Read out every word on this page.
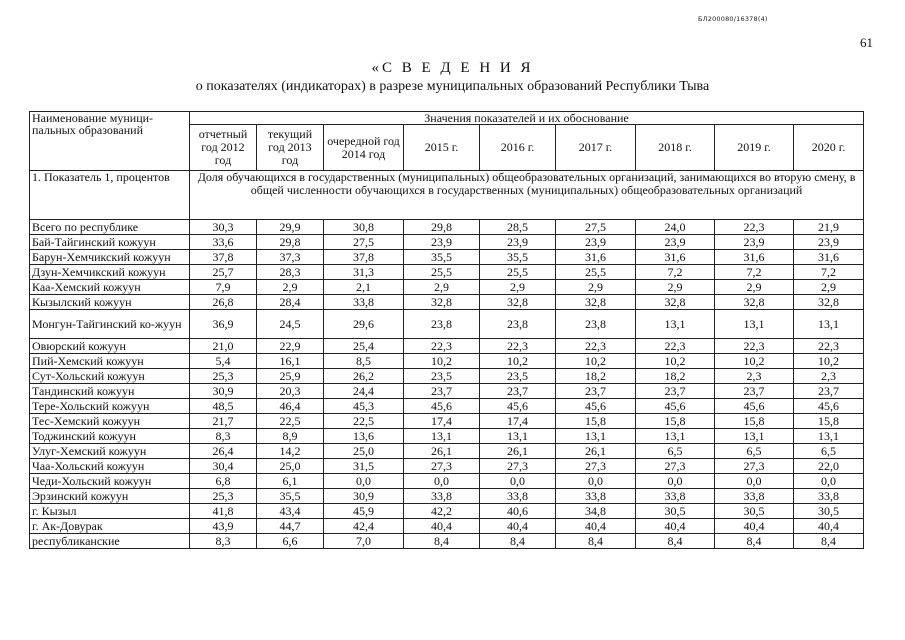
БЛ200080/16378(4)
61
«С В Е Д Е Н И Я
о показателях (индикаторах) в разрезе муниципальных образований Республики Тыва
Наименование муници-пальных образований	Значения показателей и их обоснование								
	отчетный год 2012 год	текущий год 2013 год	очередной год 2014 год	2015 г.	2016 г.	2017 г.	2018 г.	2019 г.	2020 г.
1. Показатель 1, процентов	Доля обучающихся в государственных (муниципальных) общеобразовательных организаций, занимающихся во вторую смену, в общей численности обучающихся в государственных (муниципальных) общеобразовательных организаций								
Всего по республике	30,3	29,9	30,8	29,8	28,5	27,5	24,0	22,3	21,9
Бай-Тайгинский кожуун	33,6	29,8	27,5	23,9	23,9	23,9	23,9	23,9	23,9
Барун-Хемчикский кожуун	37,8	37,3	37,8	35,5	35,5	31,6	31,6	31,6	31,6
Дзун-Хемчикский кожуун	25,7	28,3	31,3	25,5	25,5	25,5	7,2	7,2	7,2
Каа-Хемский кожуун	7,9	2,9	2,1	2,9	2,9	2,9	2,9	2,9	2,9
Кызылский кожуун	26,8	28,4	33,8	32,8	32,8	32,8	32,8	32,8	32,8
Монгун-Тайгинский ко-жуун	36,9	24,5	29,6	23,8	23,8	23,8	13,1	13,1	13,1
Овюрский кожуун	21,0	22,9	25,4	22,3	22,3	22,3	22,3	22,3	22,3
Пий-Хемский кожуун	5,4	16,1	8,5	10,2	10,2	10,2	10,2	10,2	10,2
Сут-Хольский кожуун	25,3	25,9	26,2	23,5	23,5	18,2	18,2	2,3	2,3
Тандинский кожуун	30,9	20,3	24,4	23,7	23,7	23,7	23,7	23,7	23,7
Тере-Хольский кожуун	48,5	46,4	45,3	45,6	45,6	45,6	45,6	45,6	45,6
Тес-Хемский кожуун	21,7	22,5	22,5	17,4	17,4	15,8	15,8	15,8	15,8
Тоджинский кожуун	8,3	8,9	13,6	13,1	13,1	13,1	13,1	13,1	13,1
Улуг-Хемский кожуун	26,4	14,2	25,0	26,1	26,1	26,1	6,5	6,5	6,5
Чаа-Хольский кожуун	30,4	25,0	31,5	27,3	27,3	27,3	27,3	27,3	22,0
Чеди-Хольский кожуун	6,8	6,1	0,0	0,0	0,0	0,0	0,0	0,0	0,0
Эрзинский кожуун	25,3	35,5	30,9	33,8	33,8	33,8	33,8	33,8	33,8
г. Кызыл	41,8	43,4	45,9	42,2	40,6	34,8	30,5	30,5	30,5
г. Ак-Довурак	43,9	44,7	42,4	40,4	40,4	40,4	40,4	40,4	40,4
республиканские	8,3	6,6	7,0	8,4	8,4	8,4	8,4	8,4	8,4
